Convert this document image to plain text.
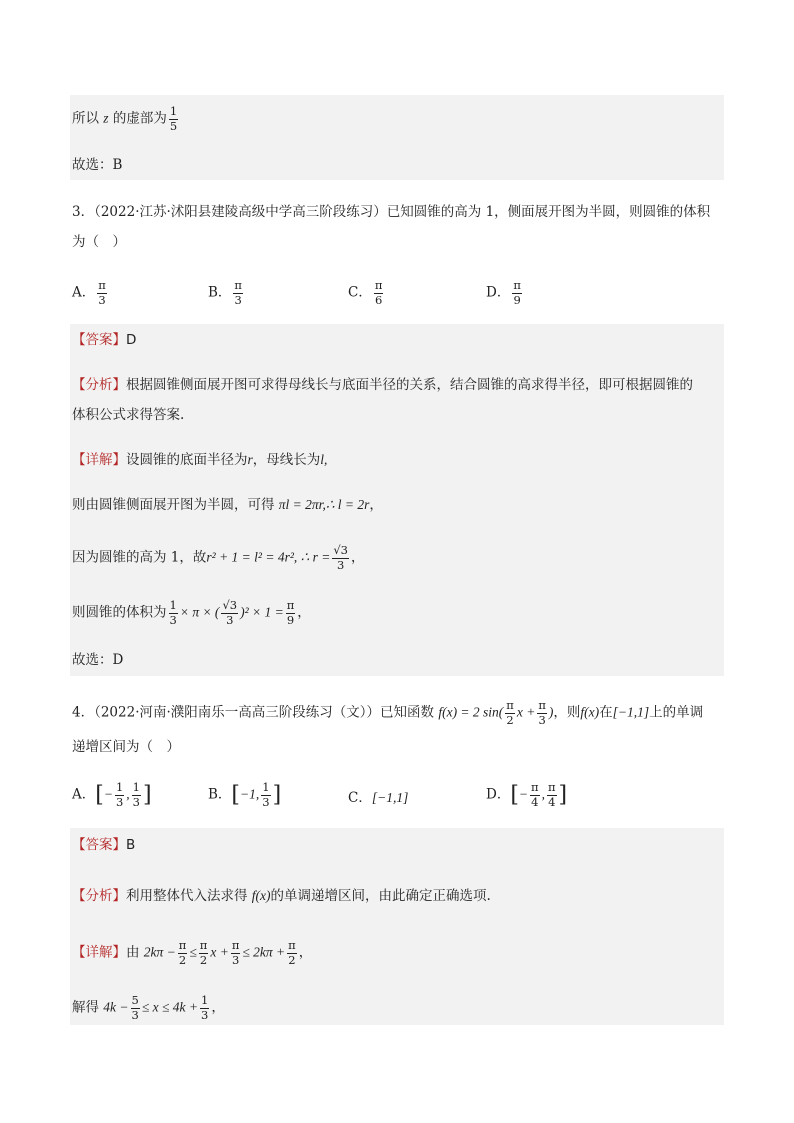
所以 z 的虚部为 $\frac{1}{5}$
故选：B
3．（2022·江苏·沭阳县建陵高级中学高三阶段练习）已知圆锥的高为 1，侧面展开图为半圆，则圆锥的体积
为（　）
A． $\frac{\pi}{3}$	B． $\frac{\pi}{3}$	C． $\frac{\pi}{6}$	D． $\frac{\pi}{9}$
【答案】D
【分析】根据圆锥侧面展开图可求得母线长与底面半径的关系，结合圆锥的高求得半径，即可根据圆锥的
体积公式求得答案.
【详解】设圆锥的底面半径为r，母线长为l,
则由圆锥侧面展开图为半圆，可得 πl = 2πr,∴ l = 2r，
因为圆锥的高为 1，故r² + 1 = l² = 4r², ∴ $r = \frac{√3}{3}$ ，
则圆锥的体积为 $\frac{1}{3} \times \pi$ × ( $\frac{√3}{3} )^2 \times 1 = \frac{\pi}{9}$ ，
故选：D
4．（2022·河南·濮阳南乐一高高三阶段练习（文））已知函数 f(x) = 2 $\sin( \frac{\pi}{2}$ $x + \frac{\pi}{3}$ )，则f(x)在[−1,1]上的单调
递增区间为（　）
A．[− $\frac{1}{3}$ , $\frac{1}{3}$ ]	B．[−1, $\frac{1}{3}$ ]	C．[−1,1]	D．[− $\frac{\pi}{4}$ , $\frac{\pi}{4}$ ]
【答案】B
【分析】利用整体代入法求得 f(x)的单调递增区间，由此确定正确选项.
【详解】由 $2k\pi - \frac{\pi}{2} \le \frac{\pi}{2}$ $x + \frac{\pi}{3} \le 2k\pi + \frac{\pi}{2}$ ，
解得 $4k - \frac{5}{3} \le x \le 4k + \frac{1}{3}$ ，
